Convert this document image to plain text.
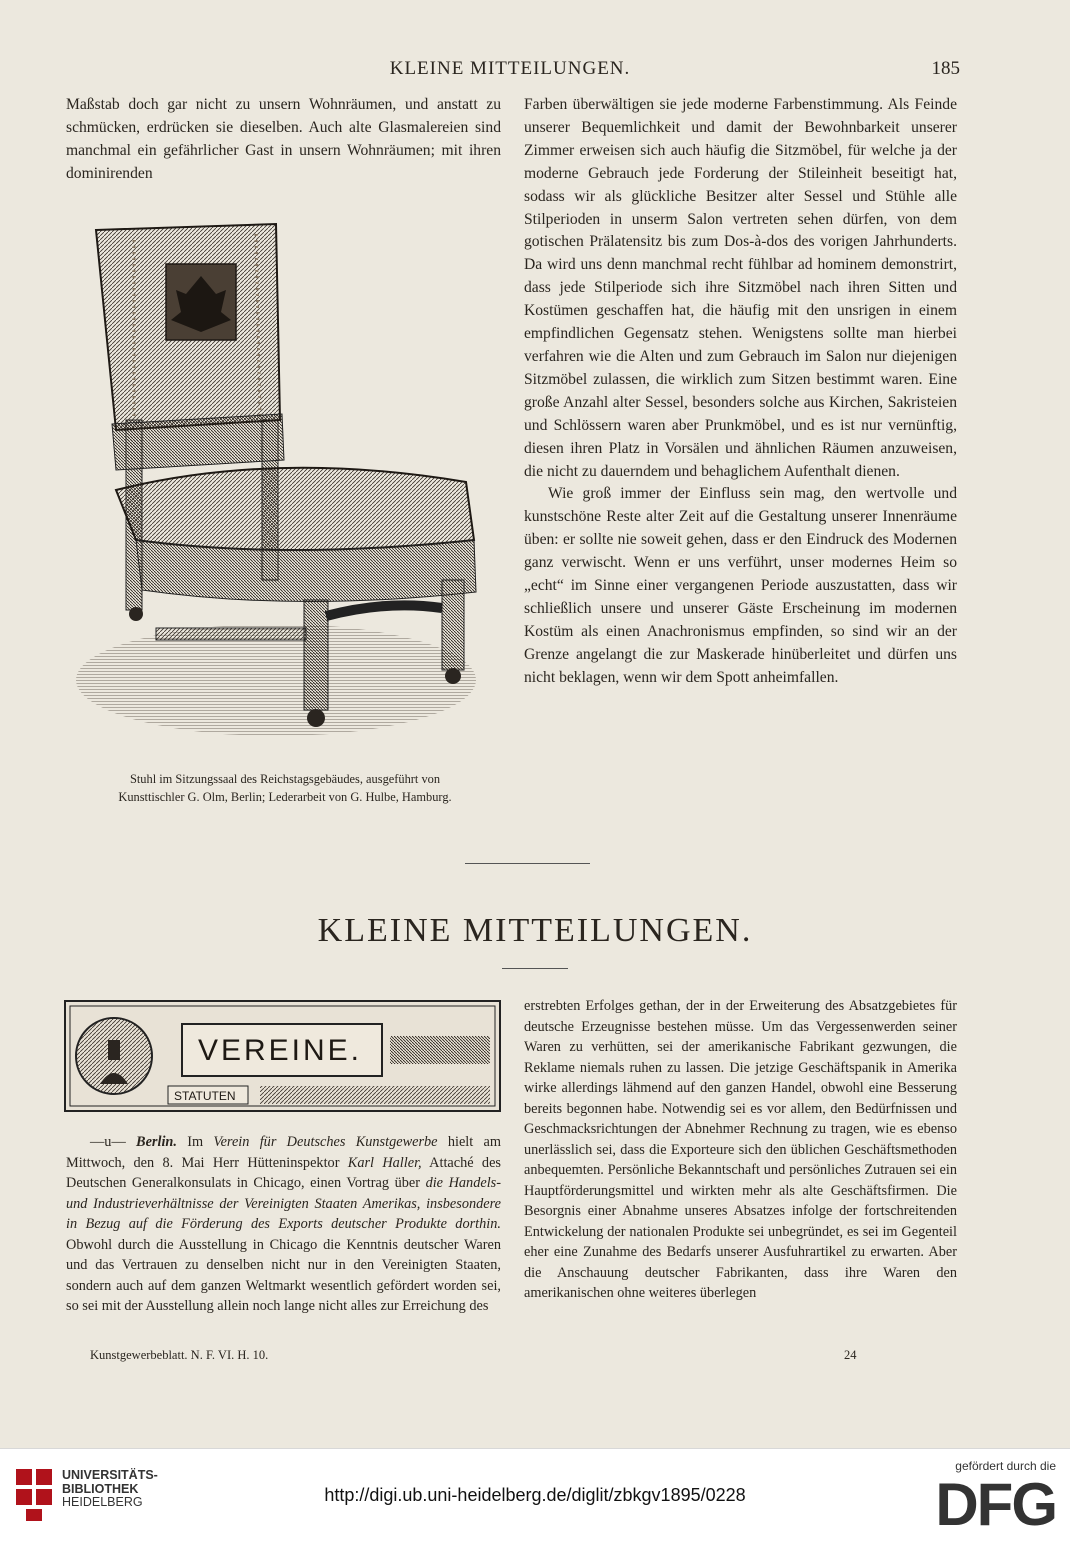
KLEINE MITTEILUNGEN.	185

Maßstab doch gar nicht zu unsern Wohnräumen, und anstatt zu schmücken, erdrücken sie dieselben. Auch alte Glasmalereien sind manchmal ein gefährlicher Gast in unsern Wohnräumen; mit ihren dominirenden

Stuhl im Sitzungssaal des Reichstagsgebäudes, ausgeführt von
Kunsttischler G. Olm, Berlin; Lederarbeit von G. Hulbe, Hamburg.

Farben überwältigen sie jede moderne Farbenstimmung. Als Feinde unserer Bequemlichkeit und damit der Bewohnbarkeit unserer Zimmer erweisen sich auch häufig die Sitzmöbel, für welche ja der moderne Gebrauch jede Forderung der Stileinheit beseitigt hat, sodass wir als glückliche Besitzer alter Sessel und Stühle alle Stilperioden in unserm Salon vertreten sehen dürfen, von dem gotischen Prälatensitz bis zum Dos-à-dos des vorigen Jahrhunderts. Da wird uns denn manchmal recht fühlbar ad hominem demonstrirt, dass jede Stilperiode sich ihre Sitzmöbel nach ihren Sitten und Kostümen geschaffen hat, die häufig mit den unsrigen in einem empfindlichen Gegensatz stehen. Wenigstens sollte man hierbei verfahren wie die Alten und zum Gebrauch im Salon nur diejenigen Sitzmöbel zulassen, die wirklich zum Sitzen bestimmt waren. Eine große Anzahl alter Sessel, besonders solche aus Kirchen, Sakristeien und Schlössern waren aber Prunkmöbel, und es ist nur vernünftig, diesen ihren Platz in Vorsälen und ähnlichen Räumen anzuweisen, die nicht zu dauerndem und behaglichem Aufenthalt dienen.

Wie groß immer der Einfluss sein mag, den wertvolle und kunstschöne Reste alter Zeit auf die Gestaltung unserer Innenräume üben: er sollte nie soweit gehen, dass er den Eindruck des Modernen ganz verwischt. Wenn er uns verführt, unser modernes Heim so „echt“ im Sinne einer vergangenen Periode auszustatten, dass wir schließlich unsere und unserer Gäste Erscheinung im modernen Kostüm als einen Anachronismus empfinden, so sind wir an der Grenze angelangt die zur Maskerade hinüberleitet und dürfen uns nicht beklagen, wenn wir dem Spott anheimfallen.

KLEINE MITTEILUNGEN.
VEREINE.
STATUTEN

—u— Berlin. Im Verein für Deutsches Kunstgewerbe hielt am Mittwoch, den 8. Mai Herr Hütteninspektor Karl Haller, Attaché des Deutschen Generalkonsulats in Chicago, einen Vortrag über die Handels- und Industrieverhältnisse der Vereinigten Staaten Amerikas, insbesondere in Bezug auf die Förderung des Exports deutscher Produkte dorthin. Obwohl durch die Ausstellung in Chicago die Kenntnis deutscher Waren und das Vertrauen zu denselben nicht nur in den Vereinigten Staaten, sondern auch auf dem ganzen Weltmarkt wesentlich gefördert worden sei, so sei mit der Ausstellung allein noch lange nicht alles zur Erreichung des

erstrebten Erfolges gethan, der in der Erweiterung des Absatzgebietes für deutsche Erzeugnisse bestehen müsse. Um das Vergessenwerden seiner Waren zu verhütten, sei der amerikanische Fabrikant gezwungen, die Reklame niemals ruhen zu lassen. Die jetzige Geschäftspanik in Amerika wirke allerdings lähmend auf den ganzen Handel, obwohl eine Besserung bereits begonnen habe. Notwendig sei es vor allem, den Bedürfnissen und Geschmacksrichtungen der Abnehmer Rechnung zu tragen, wie es ebenso unerlässlich sei, dass die Exporteure sich den üblichen Geschäftsmethoden anbequemten. Persönliche Bekanntschaft und persönliches Zutrauen sei ein Hauptförderungsmittel und wirkten mehr als alte Geschäftsfirmen. Die Besorgnis einer Abnahme unseres Absatzes infolge der fortschreitenden Entwickelung der nationalen Produkte sei unbegründet, es sei im Gegenteil eher eine Zunahme des Bedarfs unserer Ausfuhrartikel zu erwarten. Aber die Anschauung deutscher Fabrikanten, dass ihre Waren den amerikanischen ohne weiteres überlegen

Kunstgewerbeblatt. N. F. VI. H. 10.	24
UNIVERSITÄTS-
BIBLIOTHEK
HEIDELBERG	http://digi.ub.uni-heidelberg.de/diglit/zbkgv1895/0228
gefördert durch die
DFG
